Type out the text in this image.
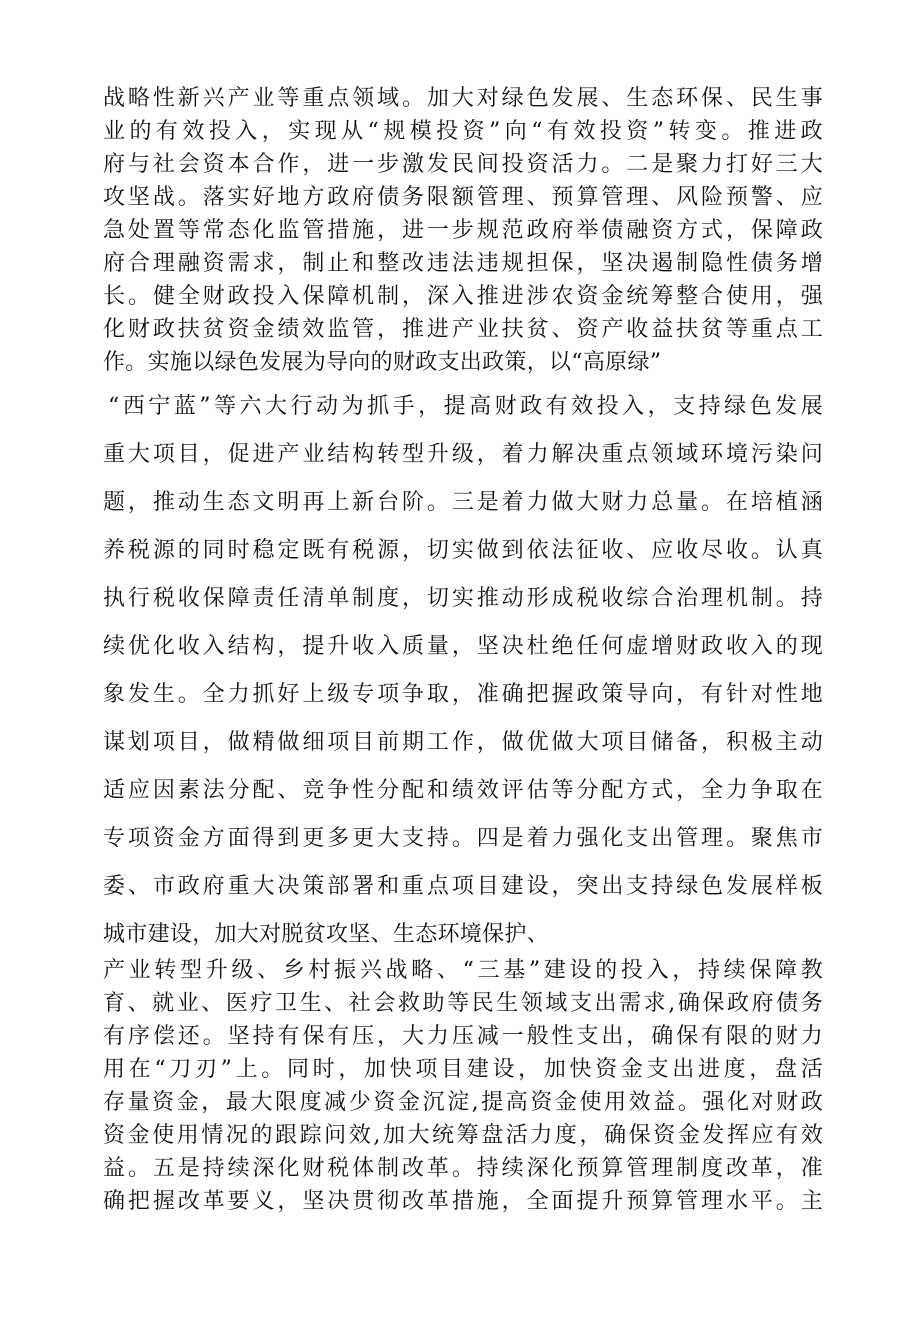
战略性新兴产业等重点领域。加大对绿色发展、生态环保、民生事
业的有效投入，实现从“规模投资”向“有效投资”转变。推进政
府与社会资本合作，进一步激发民间投资活力。二是聚力打好三大
攻坚战。落实好地方政府债务限额管理、预算管理、风险预警、应
急处置等常态化监管措施，进一步规范政府举债融资方式，保障政
府合理融资需求，制止和整改违法违规担保，坚决遏制隐性债务增
长。健全财政投入保障机制，深入推进涉农资金统筹整合使用，强
化财政扶贫资金绩效监管，推进产业扶贫、资产收益扶贫等重点工
作。实施以绿色发展为导向的财政支出政策，以“高原绿”
“西宁蓝”等六大行动为抓手，提高财政有效投入，支持绿色发展
重大项目，促进产业结构转型升级，着力解决重点领域环境污染问
题，推动生态文明再上新台阶。三是着力做大财力总量。在培植涵
养税源的同时稳定既有税源，切实做到依法征收、应收尽收。认真
执行税收保障责任清单制度，切实推动形成税收综合治理机制。持
续优化收入结构，提升收入质量，坚决杜绝任何虚增财政收入的现
象发生。全力抓好上级专项争取，准确把握政策导向，有针对性地
谋划项目，做精做细项目前期工作，做优做大项目储备，积极主动
适应因素法分配、竞争性分配和绩效评估等分配方式，全力争取在
专项资金方面得到更多更大支持。四是着力强化支出管理。聚焦市
委、市政府重大决策部署和重点项目建设，突出支持绿色发展样板
城市建设，加大对脱贫攻坚、生态环境保护、
产业转型升级、乡村振兴战略、“三基”建设的投入，持续保障教
育、就业、医疗卫生、社会救助等民生领域支出需求,确保政府债务
有序偿还。坚持有保有压，大力压减一般性支出，确保有限的财力
用在“刀刃”上。同时，加快项目建设，加快资金支出进度，盘活
存量资金，最大限度减少资金沉淀,提高资金使用效益。强化对财政
资金使用情况的跟踪问效,加大统筹盘活力度，确保资金发挥应有效
益。五是持续深化财税体制改革。持续深化预算管理制度改革，准
确把握改革要义，坚决贯彻改革措施，全面提升预算管理水平。主
